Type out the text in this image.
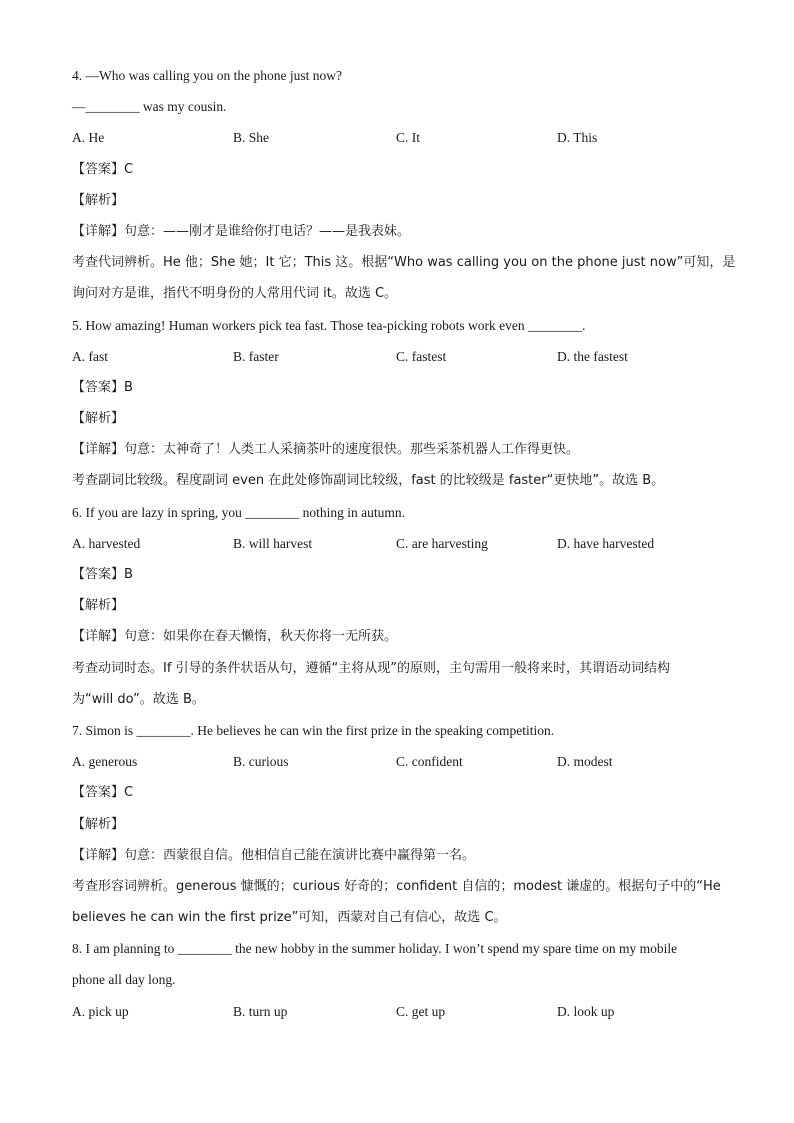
4. —Who was calling you on the phone just now?
—________ was my cousin.
A. He	B. She	C. It	D. This
【答案】C
【解析】
【详解】句意：——刚才是谁给你打电话？——是我表妹。
考查代词辨析。He 他；She 她；It 它；This 这。根据“Who was calling you on the phone just now”可知，是
询问对方是谁，指代不明身份的人常用代词 it。故选 C。
5. How amazing! Human workers pick tea fast. Those tea-picking robots work even ________.
A. fast	B. faster	C. fastest	D. the fastest
【答案】B
【解析】
【详解】句意：太神奇了！人类工人采摘茶叶的速度很快。那些采茶机器人工作得更快。
考查副词比较级。程度副词 even 在此处修饰副词比较级，fast 的比较级是 faster“更快地”。故选 B。
6. If you are lazy in spring, you ________ nothing in autumn.
A. harvested	B. will harvest	C. are harvesting	D. have harvested
【答案】B
【解析】
【详解】句意：如果你在春天懒惰，秋天你将一无所获。
考查动词时态。If 引导的条件状语从句，遵循“主将从现”的原则，主句需用一般将来时，其谓语动词结构
为“will do”。故选 B。
7. Simon is ________. He believes he can win the first prize in the speaking competition.
A. generous	B. curious	C. confident	D. modest
【答案】C
【解析】
【详解】句意：西蒙很自信。他相信自己能在演讲比赛中赢得第一名。
考查形容词辨析。generous 慷慨的；curious 好奇的；confident 自信的；modest 谦虚的。根据句子中的“He
believes he can win the first prize”可知，西蒙对自己有信心，故选 C。
8. I am planning to ________ the new hobby in the summer holiday. I won’t spend my spare time on my mobile
phone all day long.
A. pick up	B. turn up	C. get up	D. look up
